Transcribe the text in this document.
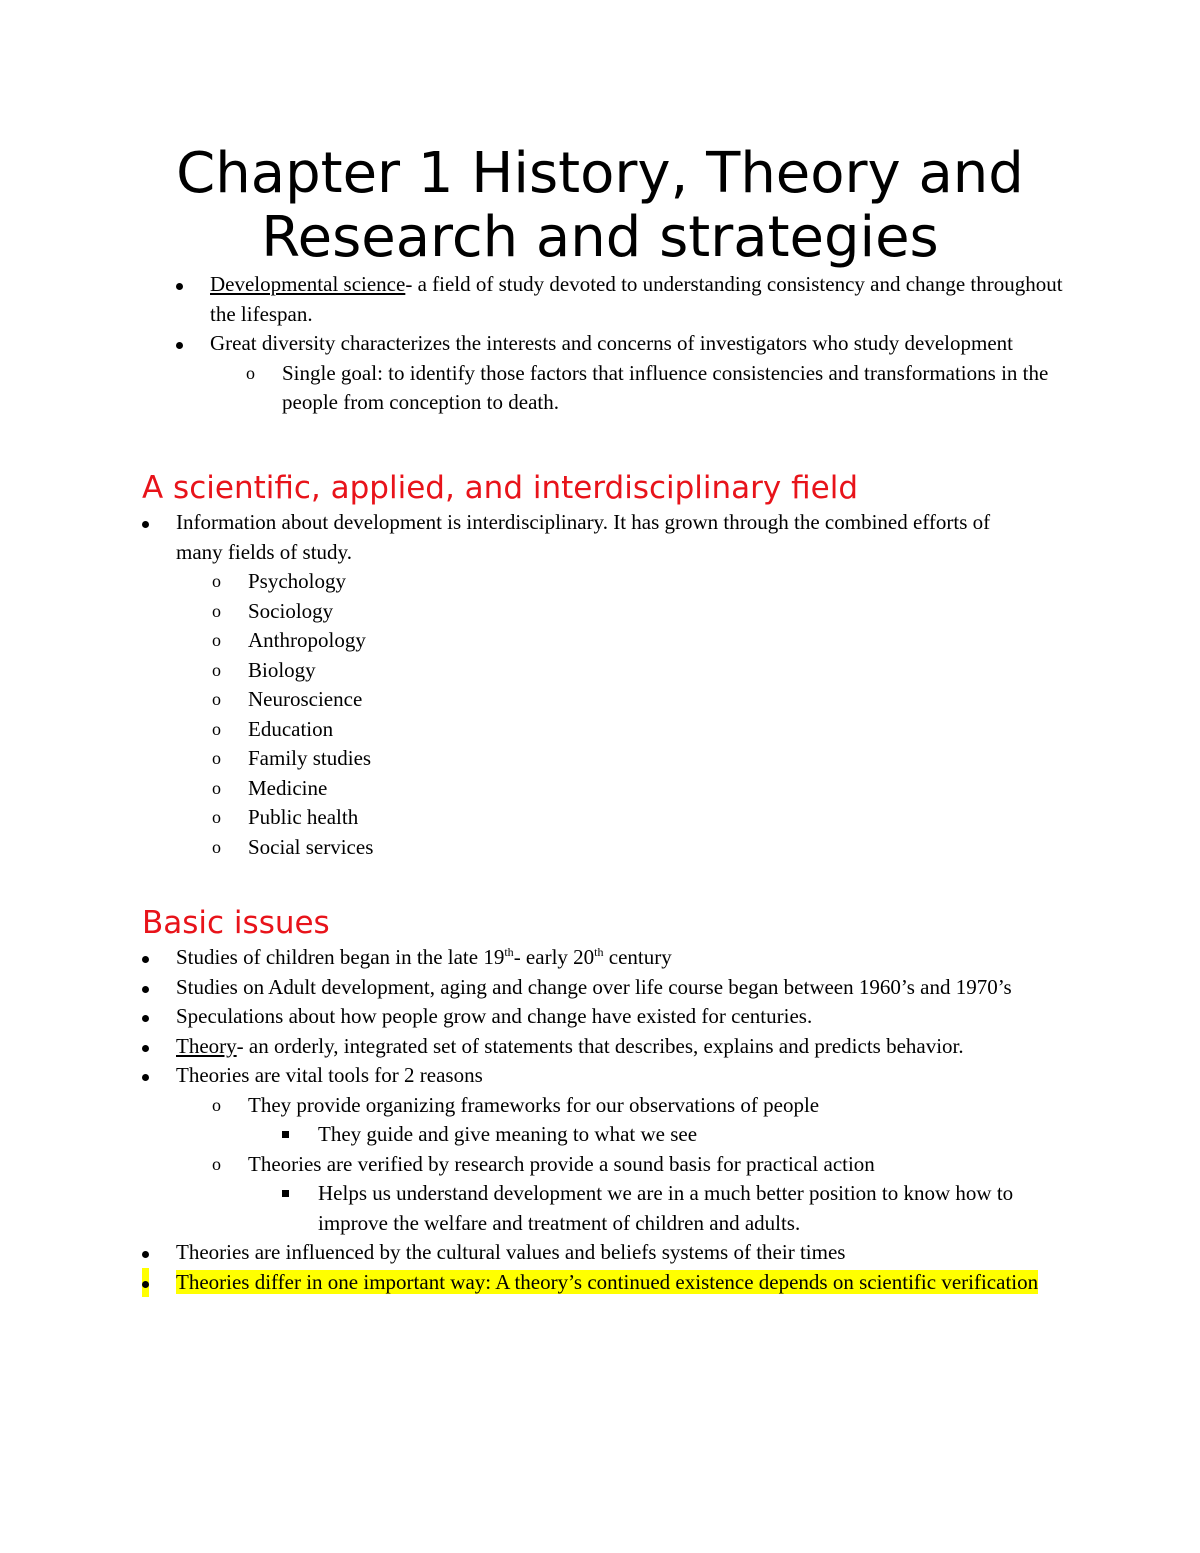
Chapter 1 History, Theory and Research and strategies
Developmental science- a field of study devoted to understanding consistency and change throughout the lifespan.
Great diversity characterizes the interests and concerns of investigators who study development
o Single goal: to identify those factors that influence consistencies and transformations in the people from conception to death.
A scientific, applied, and interdisciplinary field
Information about development is interdisciplinary. It has grown through the combined efforts of many fields of study.
o Psychology
o Sociology
o Anthropology
o Biology
o Neuroscience
o Education
o Family studies
o Medicine
o Public health
o Social services
Basic issues
Studies of children began in the late 19th- early 20th century
Studies on Adult development, aging and change over life course began between 1960’s and 1970’s
Speculations about how people grow and change have existed for centuries.
Theory- an orderly, integrated set of statements that describes, explains and predicts behavior.
Theories are vital tools for 2 reasons
o They provide organizing frameworks for our observations of people
They guide and give meaning to what we see
o Theories are verified by research provide a sound basis for practical action
Helps us understand development we are in a much better position to know how to improve the welfare and treatment of children and adults.
Theories are influenced by the cultural values and beliefs systems of their times
Theories differ in one important way: A theory’s continued existence depends on scientific verification
